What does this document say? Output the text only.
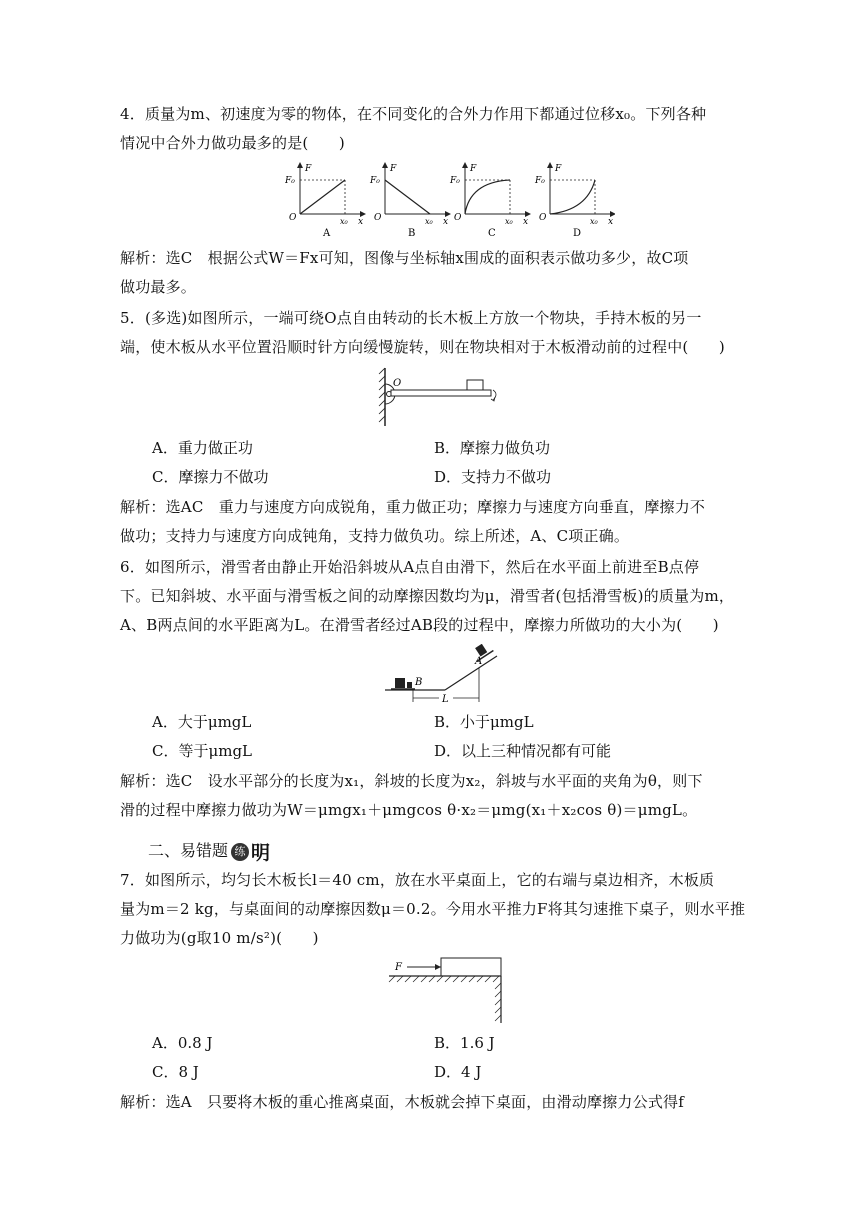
4．质量为m、初速度为零的物体，在不同变化的合外力作用下都通过位移x₀。下列各种
情况中合外力做功最多的是(　　)
F
F₀
O	x₀ x
A
F
F₀
O	x₀ x
B
F
F₀
O	x₀ x
C
F
F₀
O	x₀ x
D
解析：选C　根据公式W＝Fx可知，图像与坐标轴x围成的面积表示做功多少，故C项
做功最多。
5．(多选)如图所示，一端可绕O点自由转动的长木板上方放一个物块，手持木板的另一
端，使木板从水平位置沿顺时针方向缓慢旋转，则在物块相对于木板滑动前的过程中(　　)
O
A．重力做正功	B．摩擦力做负功
C．摩擦力不做功	D．支持力不做功
解析：选AC　重力与速度方向成锐角，重力做正功；摩擦力与速度方向垂直，摩擦力不
做功；支持力与速度方向成钝角，支持力做负功。综上所述，A、C项正确。
6．如图所示，滑雪者由静止开始沿斜坡从A点自由滑下，然后在水平面上前进至B点停
下。已知斜坡、水平面与滑雪板之间的动摩擦因数均为μ，滑雪者(包括滑雪板)的质量为m，
A、B两点间的水平距离为L。在滑雪者经过AB段的过程中，摩擦力所做功的大小为(　　)
B
A
L
A．大于μmgL	B．小于μmgL
C．等于μmgL	D．以上三种情况都有可能
解析：选C　设水平部分的长度为x₁，斜坡的长度为x₂，斜坡与水平面的夹角为θ，则下
滑的过程中摩擦力做功为W＝μmgx₁＋μmgcos θ·x₂＝μmg(x₁＋x₂cos θ)＝μmgL。
二、易错题 练 明
7．如图所示，均匀长木板长l＝40 cm，放在水平桌面上，它的右端与桌边相齐，木板质
量为m＝2 kg，与桌面间的动摩擦因数μ＝0.2。今用水平推力F将其匀速推下桌子，则水平推
力做功为(g取10 m/s²)(　　)
F
A．0.8 J	B．1.6 J
C．8 J	D．4 J
解析：选A　只要将木板的重心推离桌面，木板就会掉下桌面，由滑动摩擦力公式得f
